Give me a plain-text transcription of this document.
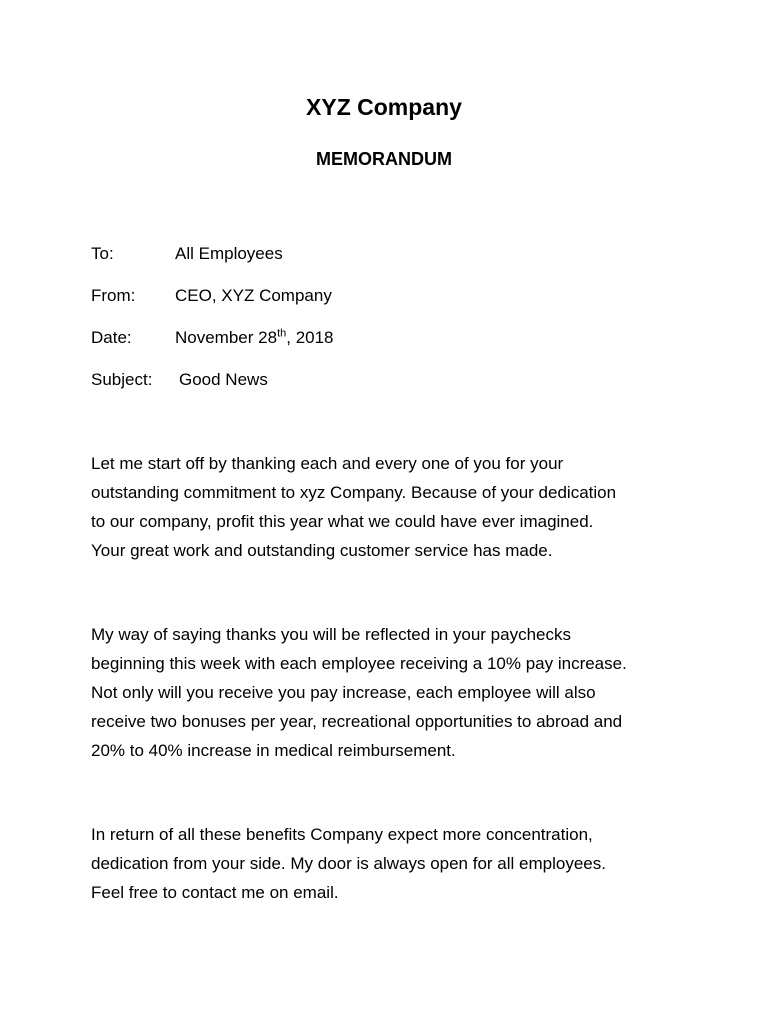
XYZ Company
MEMORANDUM
To:	All Employees
From: CEO, XYZ Company
Date:	November 28th, 2018
Subject: Good News
Let me start off by thanking each and every one of you for your
outstanding commitment to xyz Company. Because of your dedication
to our company, profit this year what we could have ever imagined.
Your great work and outstanding customer service has made.
My way of saying thanks you will be reflected in your paychecks
beginning this week with each employee receiving a 10% pay increase.
Not only will you receive you pay increase, each employee will also
receive two bonuses per year, recreational opportunities to abroad and
20% to 40% increase in medical reimbursement.
In return of all these benefits Company expect more concentration,
dedication from your side. My door is always open for all employees.
Feel free to contact me on email.
